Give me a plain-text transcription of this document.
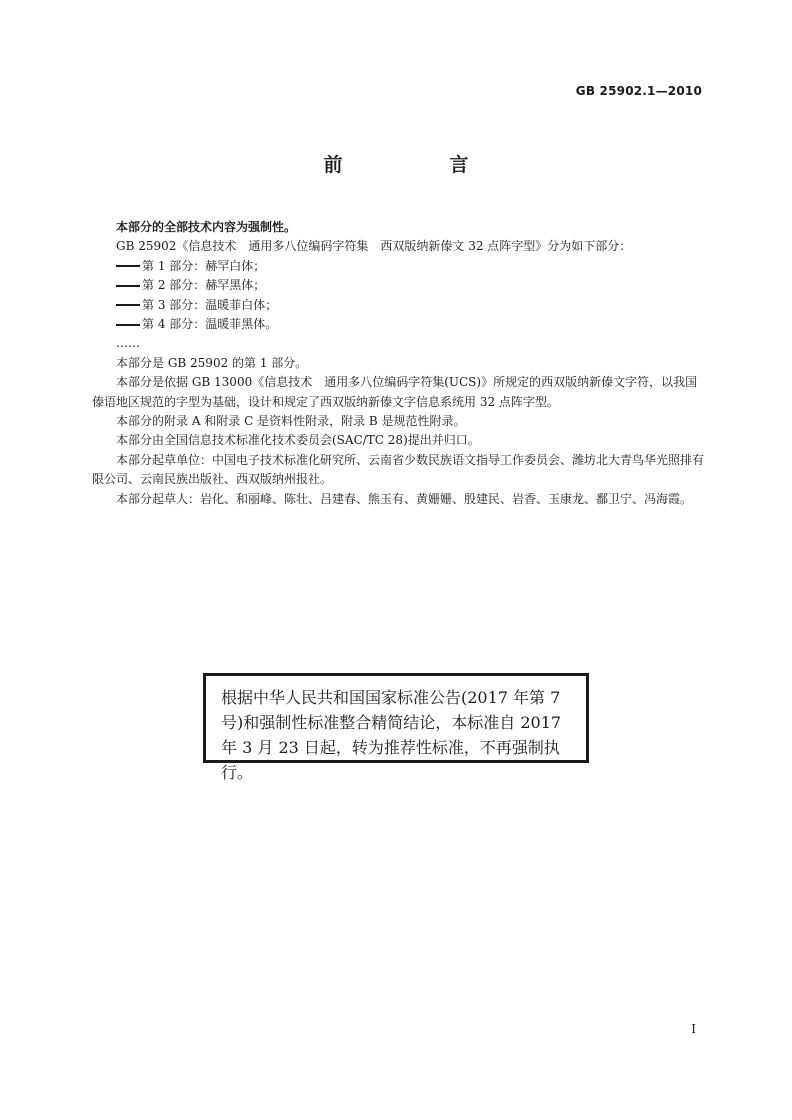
GB 25902.1—2010
前　言

本部分的全部技术内容为强制性。

GB 25902《信息技术　通用多八位编码字符集　西双版纳新傣文 32 点阵字型》分为如下部分：

第 1 部分：赫罕白体；

第 2 部分：赫罕黑体；

第 3 部分：温暖菲白体；

第 4 部分：温暖菲黑体。

……

本部分是 GB 25902 的第 1 部分。

本部分是依据 GB 13000《信息技术　通用多八位编码字符集(UCS)》所规定的西双版纳新傣文字符，以我国傣语地区规范的字型为基础，设计和规定了西双版纳新傣文字信息系统用 32 点阵字型。

本部分的附录 A 和附录 C 是资料性附录，附录 B 是规范性附录。

本部分由全国信息技术标准化技术委员会(SAC/TC 28)提出并归口。

本部分起草单位：中国电子技术标准化研究所、云南省少数民族语文指导工作委员会、潍坊北大青鸟华光照排有限公司、云南民族出版社、西双版纳州报社。

本部分起草人：岩化、和丽峰、陈壮、吕建春、熊玉有、黄姗姗、殷建民、岩香、玉康龙、鄱卫宁、冯海霞。

根据中华人民共和国国家标准公告(2017 年第 7 号)和强制性标准整合精简结论，本标准自 2017 年 3 月 23 日起，转为推荐性标准，不再强制执行。
I
